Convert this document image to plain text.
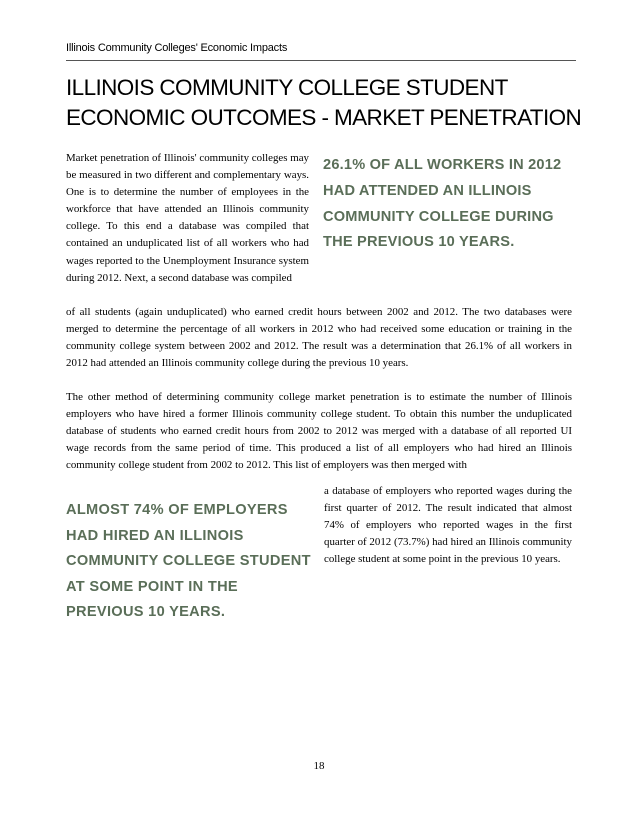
Illinois Community Colleges' Economic Impacts
ILLINOIS COMMUNITY COLLEGE STUDENT ECONOMIC OUTCOMES - MARKET PENETRATION

Market penetration of Illinois' community colleges may be measured in two different and complementary ways. One is to determine the number of employees in the workforce that have attended an Illinois community college. To this end a database was compiled that contained an unduplicated list of all workers who had wages reported to the Unemployment Insurance system during 2012. Next, a second database was compiled

26.1% OF ALL WORKERS IN 2012 HAD ATTENDED AN ILLINOIS COMMUNITY COLLEGE DURING THE PREVIOUS 10 YEARS.

of all students (again unduplicated) who earned credit hours between 2002 and 2012. The two databases were merged to determine the percentage of all workers in 2012 who had received some education or training in the community college system between 2002 and 2012. The result was a determination that 26.1% of all workers in 2012 had attended an Illinois community college during the previous 10 years.

The other method of determining community college market penetration is to estimate the number of Illinois employers who have hired a former Illinois community college student. To obtain this number the unduplicated database of students who earned credit hours from 2002 to 2012 was merged with a database of all reported UI wage records from the same period of time. This produced a list of all employers who had hired an Illinois community college student from 2002 to 2012. This list of employers was then merged with

ALMOST 74% OF EMPLOYERS HAD HIRED AN ILLINOIS COMMUNITY COLLEGE STUDENT AT SOME POINT IN THE PREVIOUS 10 YEARS.

a database of employers who reported wages during the first quarter of 2012. The result indicated that almost 74% of employers who reported wages in the first quarter of 2012 (73.7%) had hired an Illinois community college student at some point in the previous 10 years.

18
